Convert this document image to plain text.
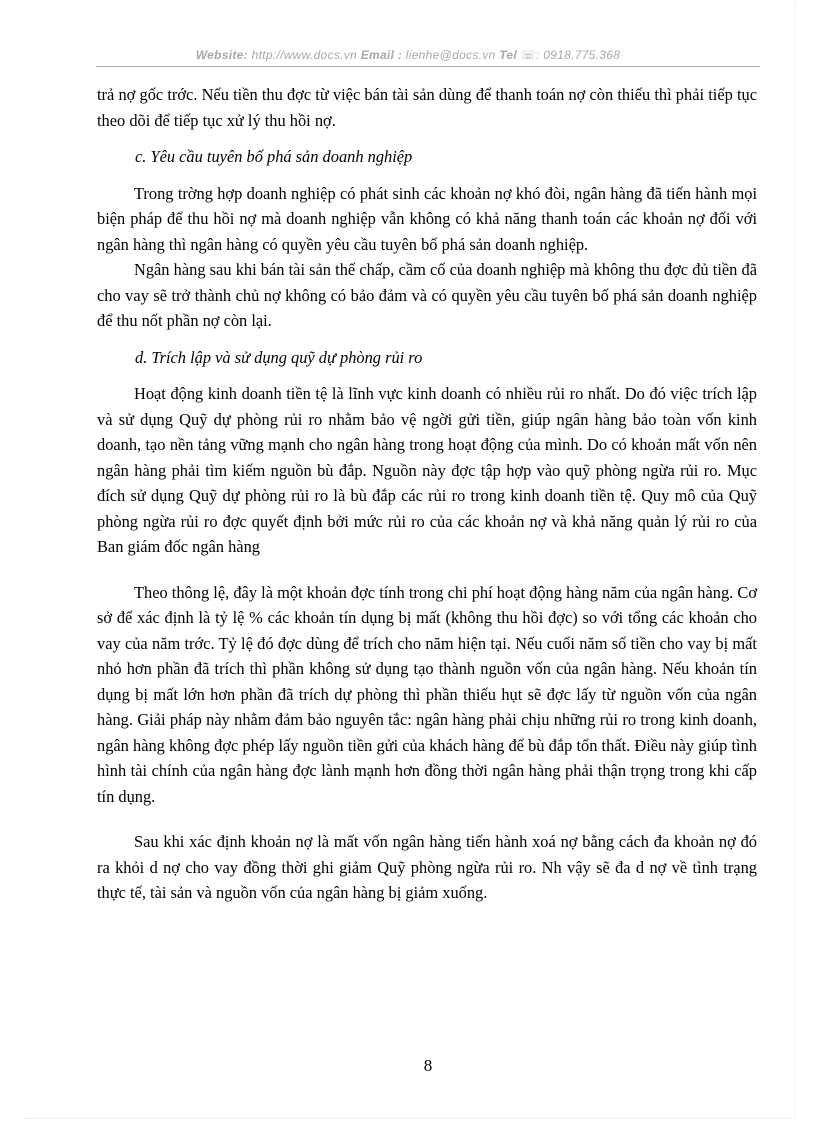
Website: http://www.docs.vn Email : lienhe@docs.vn Tel ☏: 0918.775.368

trả nợ gốc trớc. Nếu tiền thu đợc từ việc bán tài sản dùng để thanh toán nợ còn thiếu thì phải tiếp tục theo dõi để tiếp tục xử lý thu hồi nợ.

c. Yêu cầu tuyên bố phá sản doanh nghiệp

Trong trờng hợp doanh nghiệp có phát sinh các khoản nợ khó đòi, ngân hàng đã tiến hành mọi biện pháp để thu hồi nợ mà doanh nghiệp vẫn không có khả năng thanh toán các khoản nợ đối với ngân hàng thì ngân hàng có quyền yêu cầu tuyên bố phá sản doanh nghiệp.

Ngân hàng sau khi bán tài sản thế chấp, cầm cố của doanh nghiệp mà không thu đợc đủ tiền đã cho vay sẽ trở thành chủ nợ không có bảo đảm và có quyền yêu cầu tuyên bố phá sản doanh nghiệp để thu nốt phần nợ còn lại.

d. Trích lập và sử dụng quỹ dự phòng rủi ro

Hoạt động kinh doanh tiền tệ là lĩnh vực kinh doanh có nhiều rủi ro nhất. Do đó việc trích lập và sử dụng Quỹ dự phòng rủi ro nhằm bảo vệ ngời gửi tiền, giúp ngân hàng bảo toàn vốn kinh doanh, tạo nền tảng vững mạnh cho ngân hàng trong hoạt động của mình. Do có khoản mất vốn nên ngân hàng phải tìm kiếm nguồn bù đắp. Nguồn này đợc tập hợp vào quỹ phòng ngừa rủi ro. Mục đích sử dụng Quỹ dự phòng rủi ro là bù đắp các rủi ro trong kinh doanh tiền tệ. Quy mô của Quỹ phòng ngừa rủi ro đợc quyết định bởi mức rủi ro của các khoản nợ và khả năng quản lý rủi ro của Ban giám đốc ngân hàng

Theo thông lệ, đây là một khoản đợc tính trong chi phí hoạt động hàng năm của ngân hàng. Cơ sở để xác định là tỷ lệ % các khoản tín dụng bị mất (không thu hồi đợc) so với tổng các khoản cho vay của năm trớc. Tỷ lệ đó đợc dùng để trích cho năm hiện tại. Nếu cuối năm số tiền cho vay bị mất nhỏ hơn phần đã trích thì phần không sử dụng tạo thành nguồn vốn của ngân hàng. Nếu khoản tín dụng bị mất lớn hơn phần đã trích dự phòng thì phần thiếu hụt sẽ đợc lấy từ nguồn vốn của ngân hàng. Giải pháp này nhằm đảm bảo nguyên tắc: ngân hàng phải chịu những rủi ro trong kinh doanh, ngân hàng không đợc phép lấy nguồn tiền gửi của khách hàng để bù đắp tổn thất. Điều này giúp tình hình tài chính của ngân hàng đợc lành mạnh hơn đồng thời ngân hàng phải thận trọng trong khi cấp tín dụng.

Sau khi xác định khoản nợ là mất vốn ngân hàng tiến hành xoá nợ bằng cách đa khoản nợ đó ra khỏi d nợ cho vay đồng thời ghi giảm Quỹ phòng ngừa rủi ro. Nh vậy sẽ đa d nợ về tình trạng thực tế, tài sản và nguồn vốn của ngân hàng bị giảm xuống.

8
